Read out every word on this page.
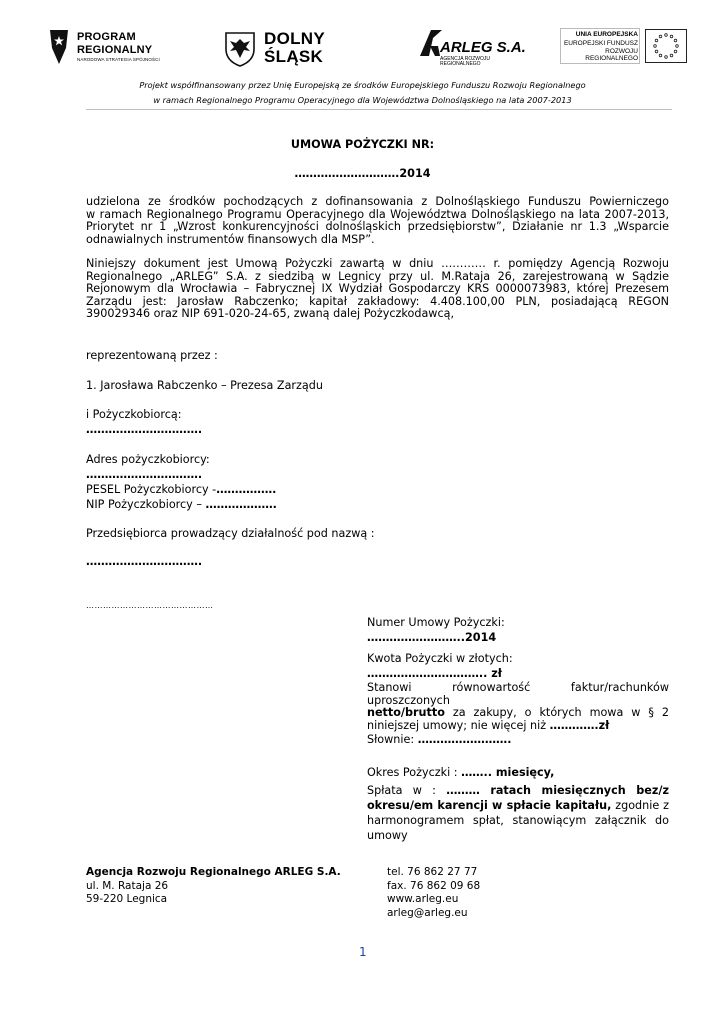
PROGRAM
REGIONALNY
NARODOWA STRATEGIA SPÓJNOŚCI
DOLNY
ŚLĄSK	ARLEG S.A.
AGENCJA ROZWOJU REGIONALNEGO
UNIA EUROPEJSKA
EUROPEJSKI FUNDUSZ
ROZWOJU REGIONALNEGO
Projekt współfinansowany przez Unię Europejską ze środków Europejskiego Funduszu Rozwoju Regionalnego
w ramach Regionalnego Programu Operacyjnego dla Województwa Dolnośląskiego na lata 2007-2013
UMOWA POŻYCZKI NR:
……………………….2014
udzielona ze środków pochodzących z dofinansowania z Dolnośląskiego Funduszu Powierniczego
w ramach Regionalnego Programu Operacyjnego dla Województwa Dolnośląskiego na lata 2007-2013,
Priorytet nr 1 „Wzrost konkurencyjności dolnośląskich przedsiębiorstw”, Działanie nr 1.3 „Wsparcie
odnawialnych instrumentów finansowych dla MSP”.
Niniejszy dokument jest Umową Pożyczki zawartą w dniu ………… r. pomiędzy Agencją Rozwoju
Regionalnego „ARLEG” S.A. z siedzibą w Legnicy przy ul. M.Rataja 26, zarejestrowaną w Sądzie
Rejonowym dla Wrocławia – Fabrycznej IX Wydział Gospodarczy KRS 0000073983, której Prezesem
Zarządu jest: Jarosław Rabczenko; kapitał zakładowy: 4.408.100,00 PLN, posiadającą REGON
390029346 oraz NIP 691-020-24-65, zwaną dalej Pożyczkodawcą,
reprezentowaną przez :
1. Jarosława Rabczenko – Prezesa Zarządu
i Pożyczkobiorcą:
………………………….
Adres pożyczkobiorcy:
………………………….
PESEL Pożyczkobiorcy -…………….
NIP Pożyczkobiorcy – ……………….
Przedsiębiorca prowadzący działalność pod nazwą :
………………………….
………………………………………
Numer Umowy Pożyczki:
……………………..2014
Kwota Pożyczki w złotych:
………………………….. zł
Stanowi równowartość faktur/rachunków uproszczonych
netto/brutto za zakupy, o których mowa w § 2
niniejszej umowy; nie więcej niż ………….zł
Słownie: …………………….
Okres Pożyczki : …….. miesięcy,
Spłata w : ……… ratach miesięcznych bez/z
okresu/em karencji w spłacie kapitału, zgodnie z
harmonogramem spłat, stanowiącym załącznik do
umowy
Agencja Rozwoju Regionalnego ARLEG S.A.
ul. M. Rataja 26
59-220 Legnica
tel. 76 862 27 77
fax. 76 862 09 68
www.arleg.eu
arleg@arleg.eu
1
